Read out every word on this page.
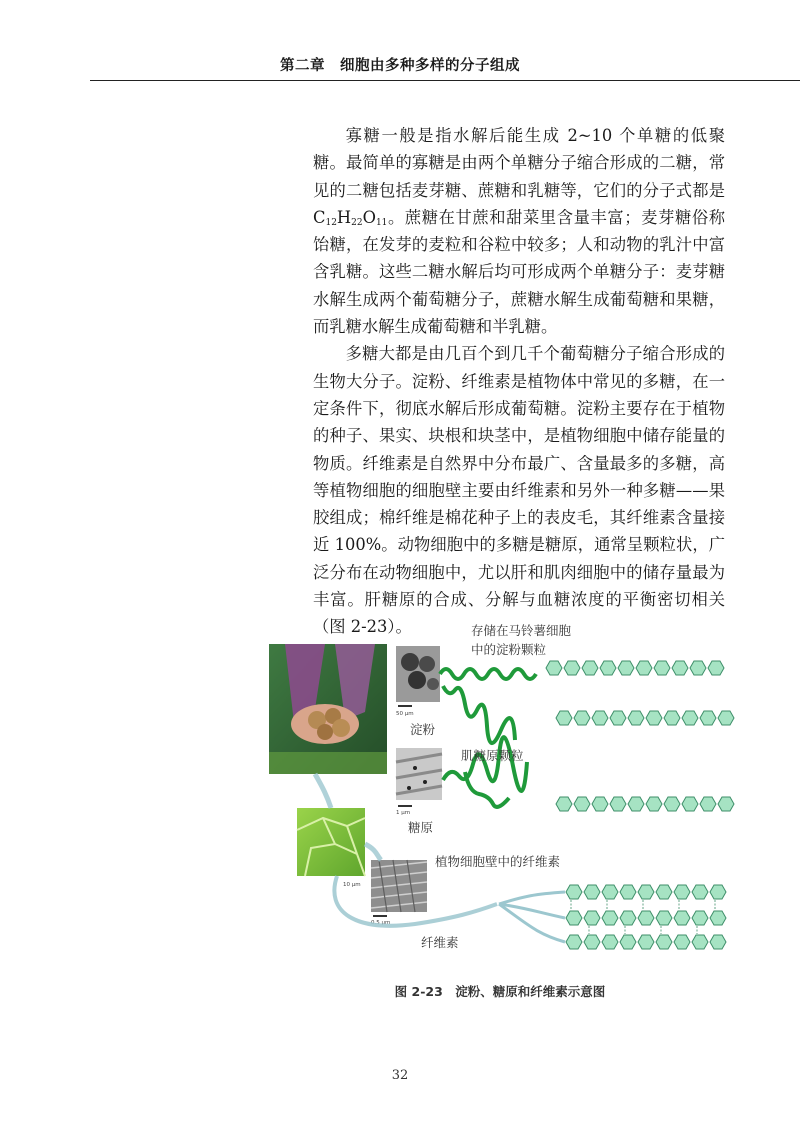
第二章　细胞由多种多样的分子组成

寡糖一般是指水解后能生成 2~10 个单糖的低聚糖。最简单的寡糖是由两个单糖分子缩合形成的二糖，常见的二糖包括麦芽糖、蔗糖和乳糖等，它们的分子式都是 $C_{12}H_{22}O_{11}$。蔗糖在甘蔗和甜菜里含量丰富；麦芽糖俗称饴糖，在发芽的麦粒和谷粒中较多；人和动物的乳汁中富含乳糖。这些二糖水解后均可形成两个单糖分子：麦芽糖水解生成两个葡萄糖分子，蔗糖水解生成葡萄糖和果糖，而乳糖水解生成葡萄糖和半乳糖。

多糖大都是由几百个到几千个葡萄糖分子缩合形成的生物大分子。淀粉、纤维素是植物体中常见的多糖，在一定条件下，彻底水解后形成葡萄糖。淀粉主要存在于植物的种子、果实、块根和块茎中，是植物细胞中储存能量的物质。纤维素是自然界中分布最广、含量最多的多糖，高等植物细胞的细胞壁主要由纤维素和另外一种多糖——果胶组成；棉纤维是棉花种子上的表皮毛，其纤维素含量接近 100%。动物细胞中的多糖是糖原，通常呈颗粒状，广泛分布在动物细胞中，尤以肝和肌肉细胞中的储存量最为丰富。肝糖原的合成、分解与血糖浓度的平衡密切相关（图 2-23）。

50 μm
1 μm
0.5 μm
10 μm
存储在马铃薯细胞
中的淀粉颗粒
淀粉
肌糖原颗粒
糖原
植物细胞壁中的纤维素
纤维素
图 2-23　淀粉、糖原和纤维素示意图
32
